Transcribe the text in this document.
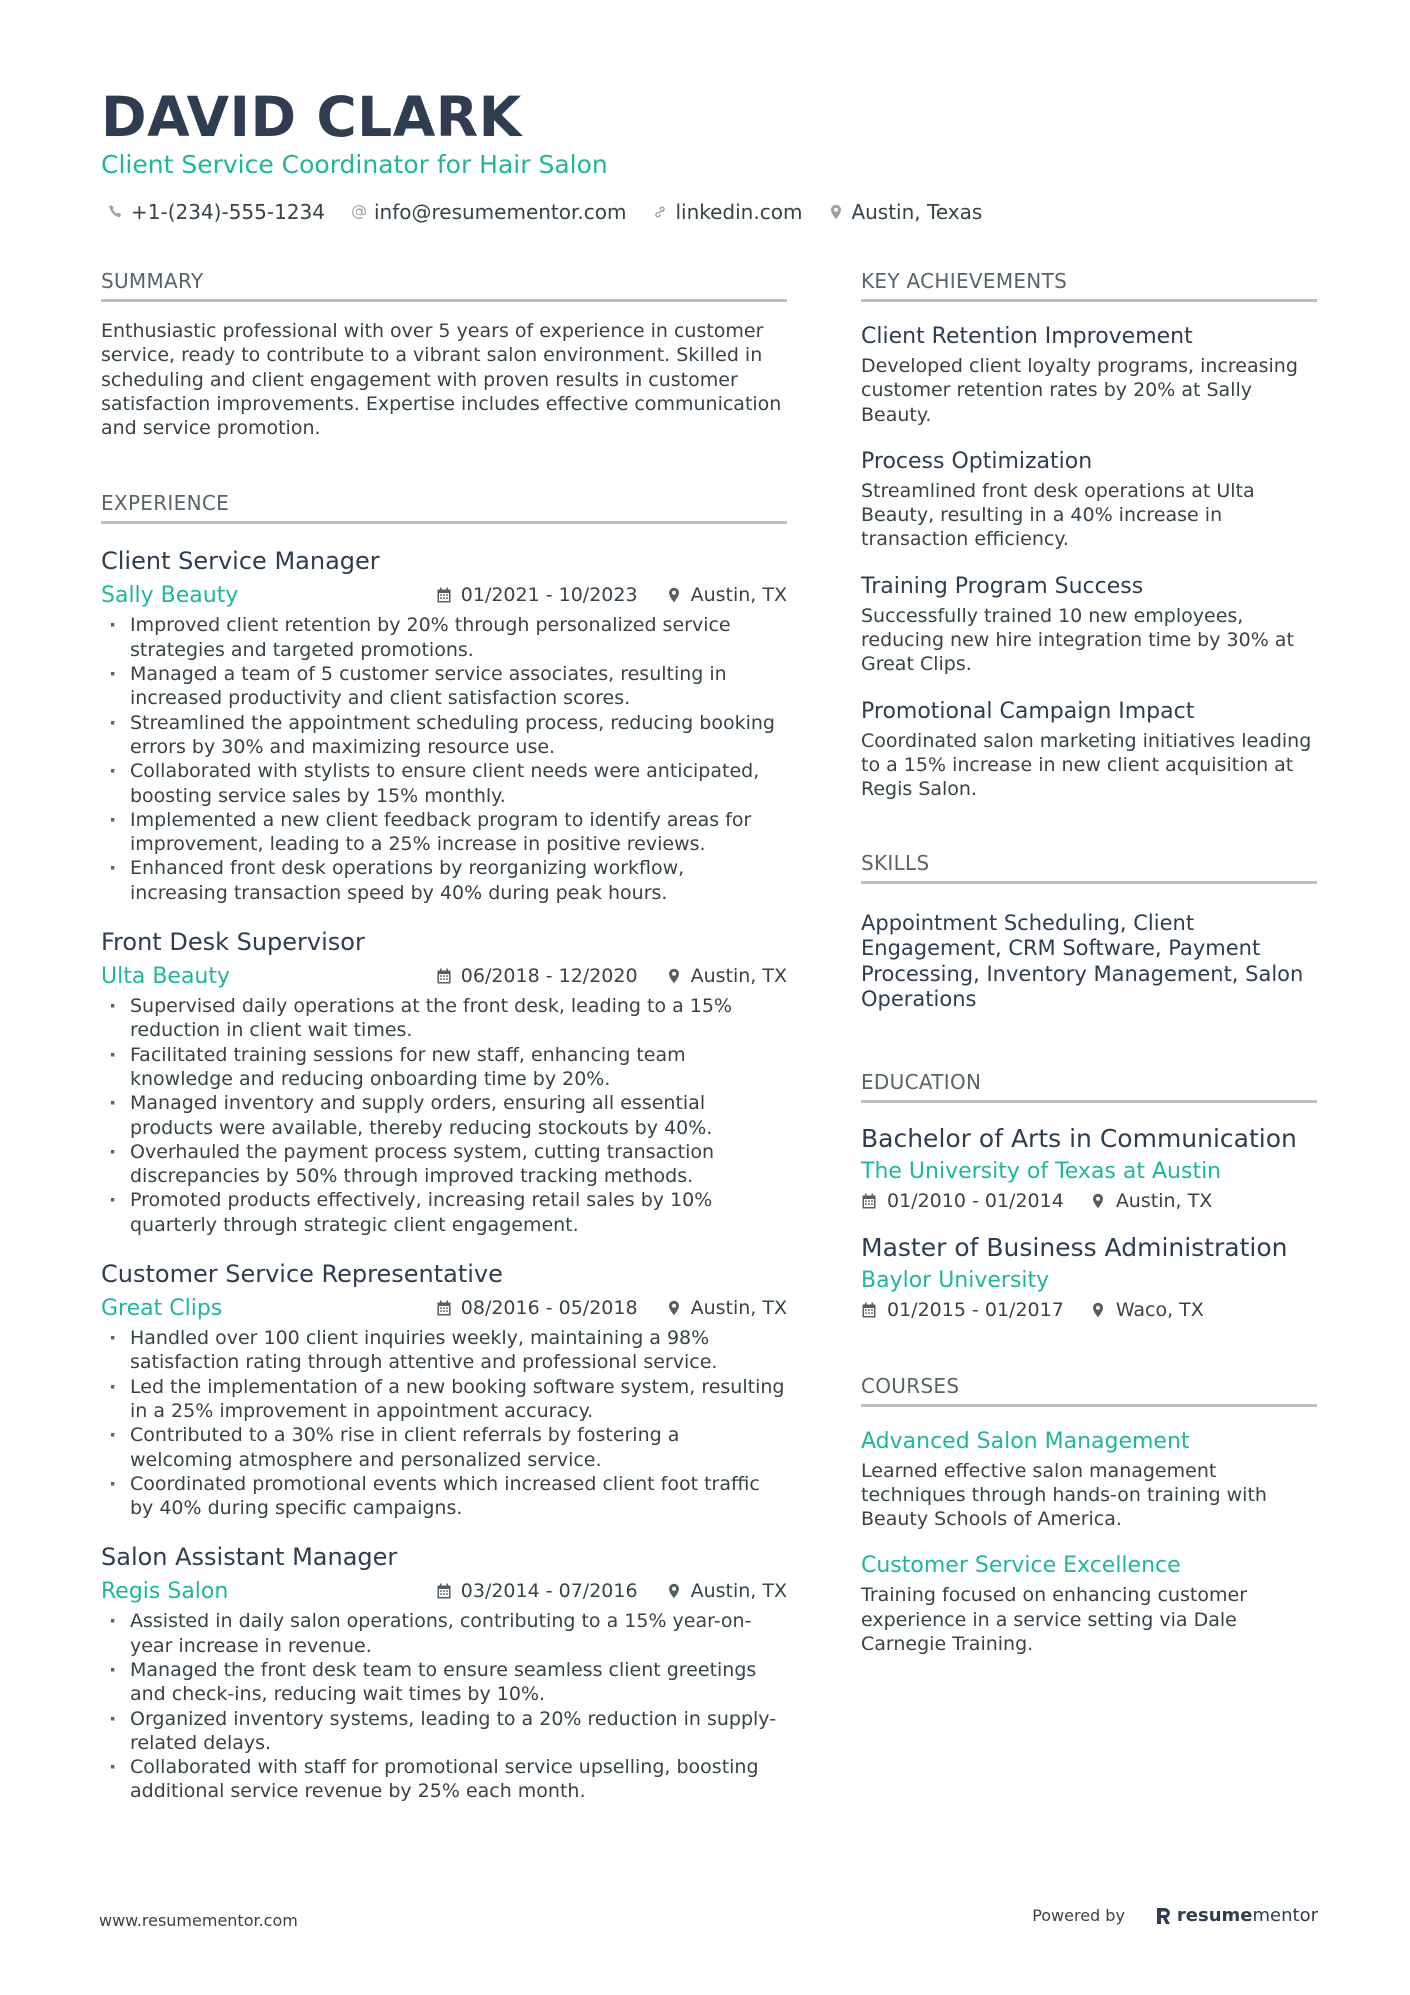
DAVID CLARK
Client Service Coordinator for Hair Salon
+1-(234)-555-1234 info@resumementor.com linkedin.com Austin, Texas
SUMMARY
Enthusiastic professional with over 5 years of experience in customer service, ready to contribute to a vibrant salon environment. Skilled in scheduling and client engagement with proven results in customer satisfaction improvements. Expertise includes effective communication and service promotion.
EXPERIENCE
Client Service Manager
Sally Beauty	01/2021 - 10/2023	Austin, TX
· Improved client retention by 20% through personalized service strategies and targeted promotions.
· Managed a team of 5 customer service associates, resulting in increased productivity and client satisfaction scores.
· Streamlined the appointment scheduling process, reducing booking errors by 30% and maximizing resource use.
· Collaborated with stylists to ensure client needs were anticipated, boosting service sales by 15% monthly.
· Implemented a new client feedback program to identify areas for improvement, leading to a 25% increase in positive reviews.
· Enhanced front desk operations by reorganizing workflow, increasing transaction speed by 40% during peak hours.
Front Desk Supervisor
Ulta Beauty	06/2018 - 12/2020	Austin, TX
· Supervised daily operations at the front desk, leading to a 15% reduction in client wait times.
· Facilitated training sessions for new staff, enhancing team knowledge and reducing onboarding time by 20%.
· Managed inventory and supply orders, ensuring all essential products were available, thereby reducing stockouts by 40%.
· Overhauled the payment process system, cutting transaction discrepancies by 50% through improved tracking methods.
· Promoted products effectively, increasing retail sales by 10% quarterly through strategic client engagement.
Customer Service Representative
Great Clips	08/2016 - 05/2018	Austin, TX
· Handled over 100 client inquiries weekly, maintaining a 98% satisfaction rating through attentive and professional service.
· Led the implementation of a new booking software system, resulting in a 25% improvement in appointment accuracy.
· Contributed to a 30% rise in client referrals by fostering a welcoming atmosphere and personalized service.
· Coordinated promotional events which increased client foot traffic by 40% during specific campaigns.
Salon Assistant Manager
Regis Salon	03/2014 - 07/2016	Austin, TX
· Assisted in daily salon operations, contributing to a 15% year-on-year increase in revenue.
· Managed the front desk team to ensure seamless client greetings and check-ins, reducing wait times by 10%.
· Organized inventory systems, leading to a 20% reduction in supply-related delays.
· Collaborated with staff for promotional service upselling, boosting additional service revenue by 25% each month.
KEY ACHIEVEMENTS
Client Retention Improvement
Developed client loyalty programs, increasing customer retention rates by 20% at Sally Beauty.
Process Optimization
Streamlined front desk operations at Ulta Beauty, resulting in a 40% increase in transaction efficiency.
Training Program Success
Successfully trained 10 new employees, reducing new hire integration time by 30% at Great Clips.
Promotional Campaign Impact
Coordinated salon marketing initiatives leading to a 15% increase in new client acquisition at Regis Salon.
SKILLS
Appointment Scheduling, Client Engagement, CRM Software, Payment Processing, Inventory Management, Salon Operations
EDUCATION
Bachelor of Arts in Communication
The University of Texas at Austin
01/2010 - 01/2014	Austin, TX
Master of Business Administration
Baylor University
01/2015 - 01/2017	Waco, TX
COURSES
Advanced Salon Management
Learned effective salon management techniques through hands-on training with Beauty Schools of America.
Customer Service Excellence
Training focused on enhancing customer experience in a service setting via Dale Carnegie Training.
www.resumementor.com	Powered by	resume mentor
